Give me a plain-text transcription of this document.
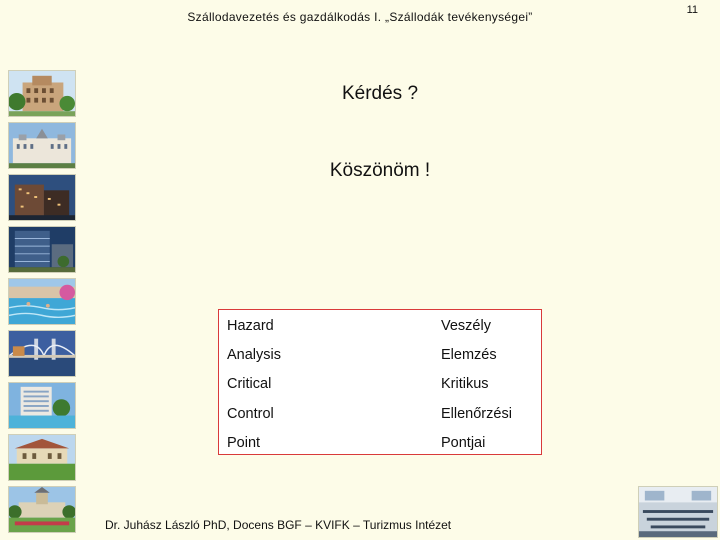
Szállodavezetés és gazdálkodás I. „Szállodák tevékenységei”	11
Kérdés ?
Köszönöm !
Hazard	Veszély
Analysis	Elemzés
Critical	Kritikus
Control	Ellenőrzési
Point	Pontjai
Dr. Juhász László PhD, Docens BGF – KVIFK – Turizmus Intézet
